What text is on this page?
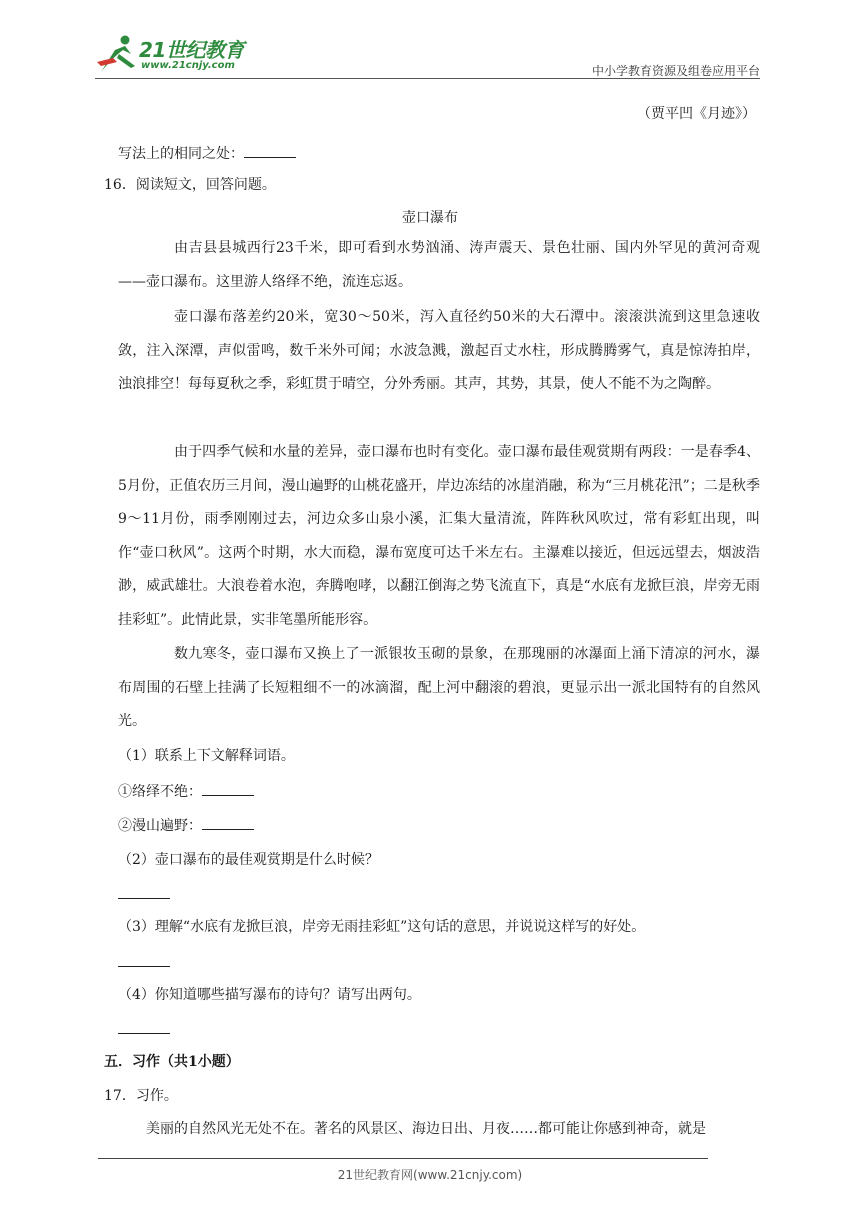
21世纪教育
www.21cnjy.com	中小学教育资源及组卷应用平台
（贾平凹《月迹》）
写法上的相同之处：
16．阅读短文，回答问题。
壶口瀑布
由吉县县城西行23千米，即可看到水势汹涌、涛声震天、景色壮丽、国内外罕见的黄河奇观——壶口瀑布。这里游人络绎不绝，流连忘返。
壶口瀑布落差约20米，宽30～50米，泻入直径约50米的大石潭中。滚滚洪流到这里急速收敛，注入深潭，声似雷鸣，数千米外可闻；水波急溅，激起百丈水柱，形成腾腾雾气，真是惊涛拍岸，浊浪排空！每每夏秋之季，彩虹贯于晴空，分外秀丽。其声，其势，其景，使人不能不为之陶醉。
由于四季气候和水量的差异，壶口瀑布也时有变化。壶口瀑布最佳观赏期有两段：一是春季4、5月份，正值农历三月间，漫山遍野的山桃花盛开，岸边冻结的冰崖消融，称为“三月桃花汛”；二是秋季9～11月份，雨季刚刚过去，河边众多山泉小溪，汇集大量清流，阵阵秋风吹过，常有彩虹出现，叫作“壶口秋风”。这两个时期，水大而稳，瀑布宽度可达千米左右。主瀑难以接近，但远远望去，烟波浩渺，威武雄壮。大浪卷着水泡，奔腾咆哮，以翻江倒海之势飞流直下，真是“水底有龙掀巨浪，岸旁无雨挂彩虹”。此情此景，实非笔墨所能形容。
数九寒冬，壶口瀑布又换上了一派银妆玉砌的景象，在那瑰丽的冰瀑面上涌下清凉的河水，瀑布周围的石壁上挂满了长短粗细不一的冰滴溜，配上河中翻滚的碧浪，更显示出一派北国特有的自然风光。
（1）联系上下文解释词语。
①络绎不绝：
②漫山遍野：
（2）壶口瀑布的最佳观赏期是什么时候？
（3）理解“水底有龙掀巨浪，岸旁无雨挂彩虹”这句话的意思，并说说这样写的好处。
（4）你知道哪些描写瀑布的诗句？请写出两句。
五．习作（共1小题）
17．习作。
美丽的自然风光无处不在。著名的风景区、海边日出、月夜……都可能让你感到神奇，就是
21世纪教育网(www.21cnjy.com)
